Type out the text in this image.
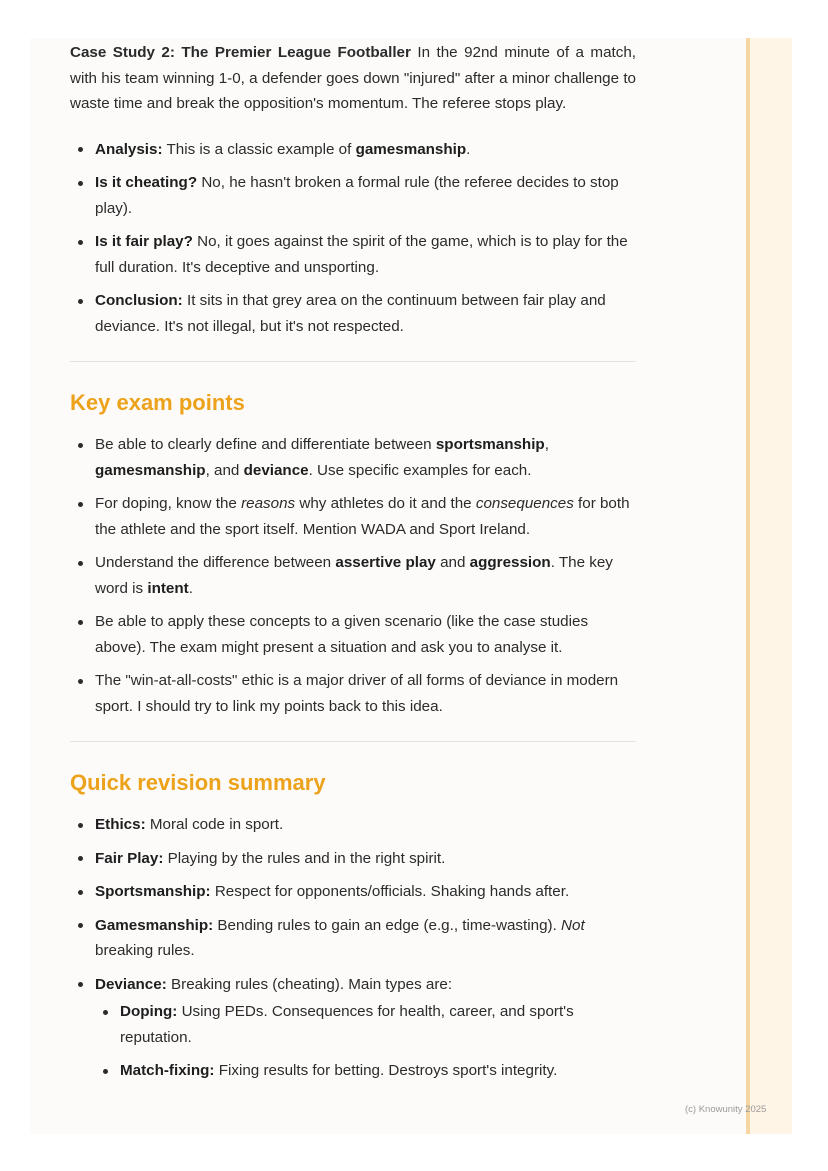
Case Study 2: The Premier League Footballer In the 92nd minute of a match, with his team winning 1-0, a defender goes down "injured" after a minor challenge to waste time and break the opposition's momentum. The referee stops play.

Analysis: This is a classic example of gamesmanship.
Is it cheating? No, he hasn't broken a formal rule (the referee decides to stop play).
Is it fair play? No, it goes against the spirit of the game, which is to play for the full duration. It's deceptive and unsporting.
Conclusion: It sits in that grey area on the continuum between fair play and deviance. It's not illegal, but it's not respected.
Key exam points
Be able to clearly define and differentiate between sportsmanship, gamesmanship, and deviance. Use specific examples for each.
For doping, know the reasons why athletes do it and the consequences for both the athlete and the sport itself. Mention WADA and Sport Ireland.
Understand the difference between assertive play and aggression. The key word is intent.
Be able to apply these concepts to a given scenario (like the case studies above). The exam might present a situation and ask you to analyse it.
The "win-at-all-costs" ethic is a major driver of all forms of deviance in modern sport. I should try to link my points back to this idea.
Quick revision summary
Ethics: Moral code in sport.
Fair Play: Playing by the rules and in the right spirit.
Sportsmanship: Respect for opponents/officials. Shaking hands after.
Gamesmanship: Bending rules to gain an edge (e.g., time-wasting). Not breaking rules.
Deviance: Breaking rules (cheating). Main types are:
Doping: Using PEDs. Consequences for health, career, and sport's reputation.
Match-fixing: Fixing results for betting. Destroys sport's integrity.
(c) Knowunity 2025
